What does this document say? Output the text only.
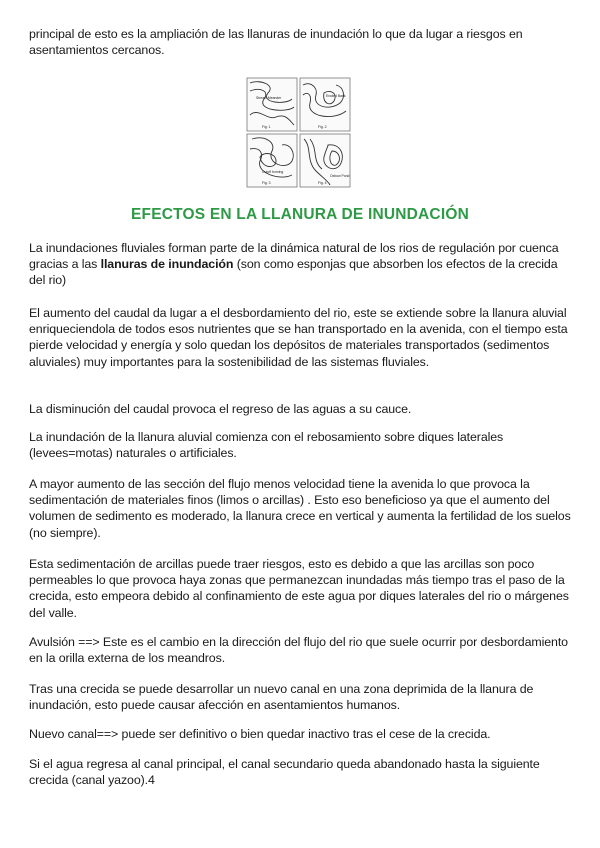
principal de esto es la ampliación de las llanuras de inundación lo que da lugar a riesgos en asentamientos cercanos.

Stream Meander	Eroded Bank
Cutoff forming
Oxbow Pond
Fig. 1	Fig. 2
Fig. 3	Fig. 4
EFECTOS EN LA LLANURA DE INUNDACIÓN

La inundaciones fluviales forman parte de la dinámica natural de los rios de regulación por cuenca gracias a las llanuras de inundación (son como esponjas que absorben los efectos de la crecida del rio)

El aumento del caudal da lugar a el desbordamiento del rio, este se extiende sobre la llanura aluvial enriqueciendola de todos esos nutrientes que se han transportado en la avenida, con el tiempo esta pierde velocidad y energía y solo quedan los depósitos de materiales transportados (sedimentos aluviales) muy importantes para la sostenibilidad de las sistemas fluviales.

La disminución del caudal provoca el regreso de las aguas a su cauce.

La inundación de la llanura aluvial comienza con el rebosamiento sobre diques laterales (levees=motas) naturales o artificiales.

A mayor aumento de las sección del flujo menos velocidad tiene la avenida lo que provoca la sedimentación de materiales finos (limos o arcillas) . Esto eso beneficioso ya que el aumento del volumen de sedimento es moderado, la llanura crece en vertical y aumenta la fertilidad de los suelos (no siempre).

Esta sedimentación de arcillas puede traer riesgos, esto es debido a que las arcillas son poco permeables lo que provoca haya zonas que permanezcan inundadas más tiempo tras el paso de la crecida, esto empeora debido al confinamiento de este agua por diques laterales del rio o márgenes del valle.

Avulsión ==> Este es el cambio en la dirección del flujo del rio que suele ocurrir por desbordamiento en la orilla externa de los meandros.

Tras una crecida se puede desarrollar un nuevo canal en una zona deprimida de la llanura de inundación, esto puede causar afección en asentamientos humanos.

Nuevo canal==> puede ser definitivo o bien quedar inactivo tras el cese de la crecida.

Si el agua regresa al canal principal, el canal secundario queda abandonado hasta la siguiente crecida (canal yazoo).4
